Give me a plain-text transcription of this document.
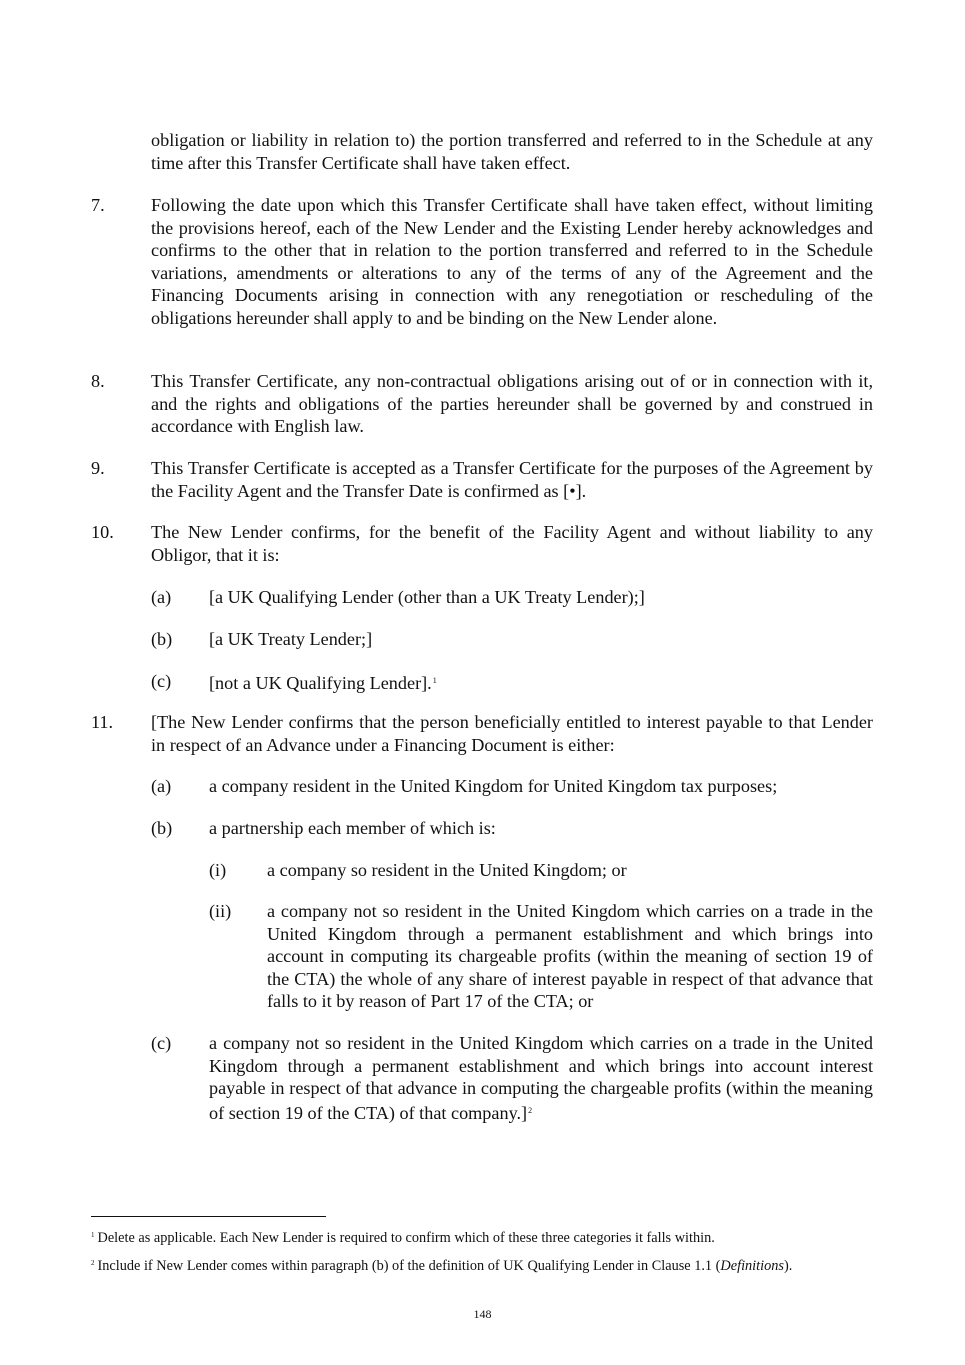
obligation or liability in relation to) the portion transferred and referred to in the Schedule at any time after this Transfer Certificate shall have taken effect.

7.	Following the date upon which this Transfer Certificate shall have taken effect, without limiting the provisions hereof, each of the New Lender and the Existing Lender hereby acknowledges and confirms to the other that in relation to the portion transferred and referred to in the Schedule variations, amendments or alterations to any of the terms of any of the Agreement and the Financing Documents arising in connection with any renegotiation or rescheduling of the obligations hereunder shall apply to and be binding on the New Lender alone.

8.	This Transfer Certificate, any non-contractual obligations arising out of or in connection with it, and the rights and obligations of the parties hereunder shall be governed by and construed in accordance with English law.

9.	This Transfer Certificate is accepted as a Transfer Certificate for the purposes of the Agreement by the Facility Agent and the Transfer Date is confirmed as [•].

10. The New Lender confirms, for the benefit of the Facility Agent and without liability to any Obligor, that it is:

(a) [a UK Qualifying Lender (other than a UK Treaty Lender);]

(b) [a UK Treaty Lender;]

(c) [not a UK Qualifying Lender].$^1$

11. [The New Lender confirms that the person beneficially entitled to interest payable to that Lender in respect of an Advance under a Financing Document is either:

(a) a company resident in the United Kingdom for United Kingdom tax purposes;

(b) a partnership each member of which is:

(i) a company so resident in the United Kingdom; or

(ii) a company not so resident in the United Kingdom which carries on a trade in the United Kingdom through a permanent establishment and which brings into account in computing its chargeable profits (within the meaning of section 19 of the CTA) the whole of any share of interest payable in respect of that advance that falls to it by reason of Part 17 of the CTA; or

(c) a company not so resident in the United Kingdom which carries on a trade in the United Kingdom through a permanent establishment and which brings into account interest payable in respect of that advance in computing the chargeable profits (within the meaning of section 19 of the CTA) of that company.]$^2$

$^1$ Delete as applicable. Each New Lender is required to confirm which of these three categories it falls within.
$^2$ Include if New Lender comes within paragraph (b) of the definition of UK Qualifying Lender in Clause 1.1 (Definitions).
148
